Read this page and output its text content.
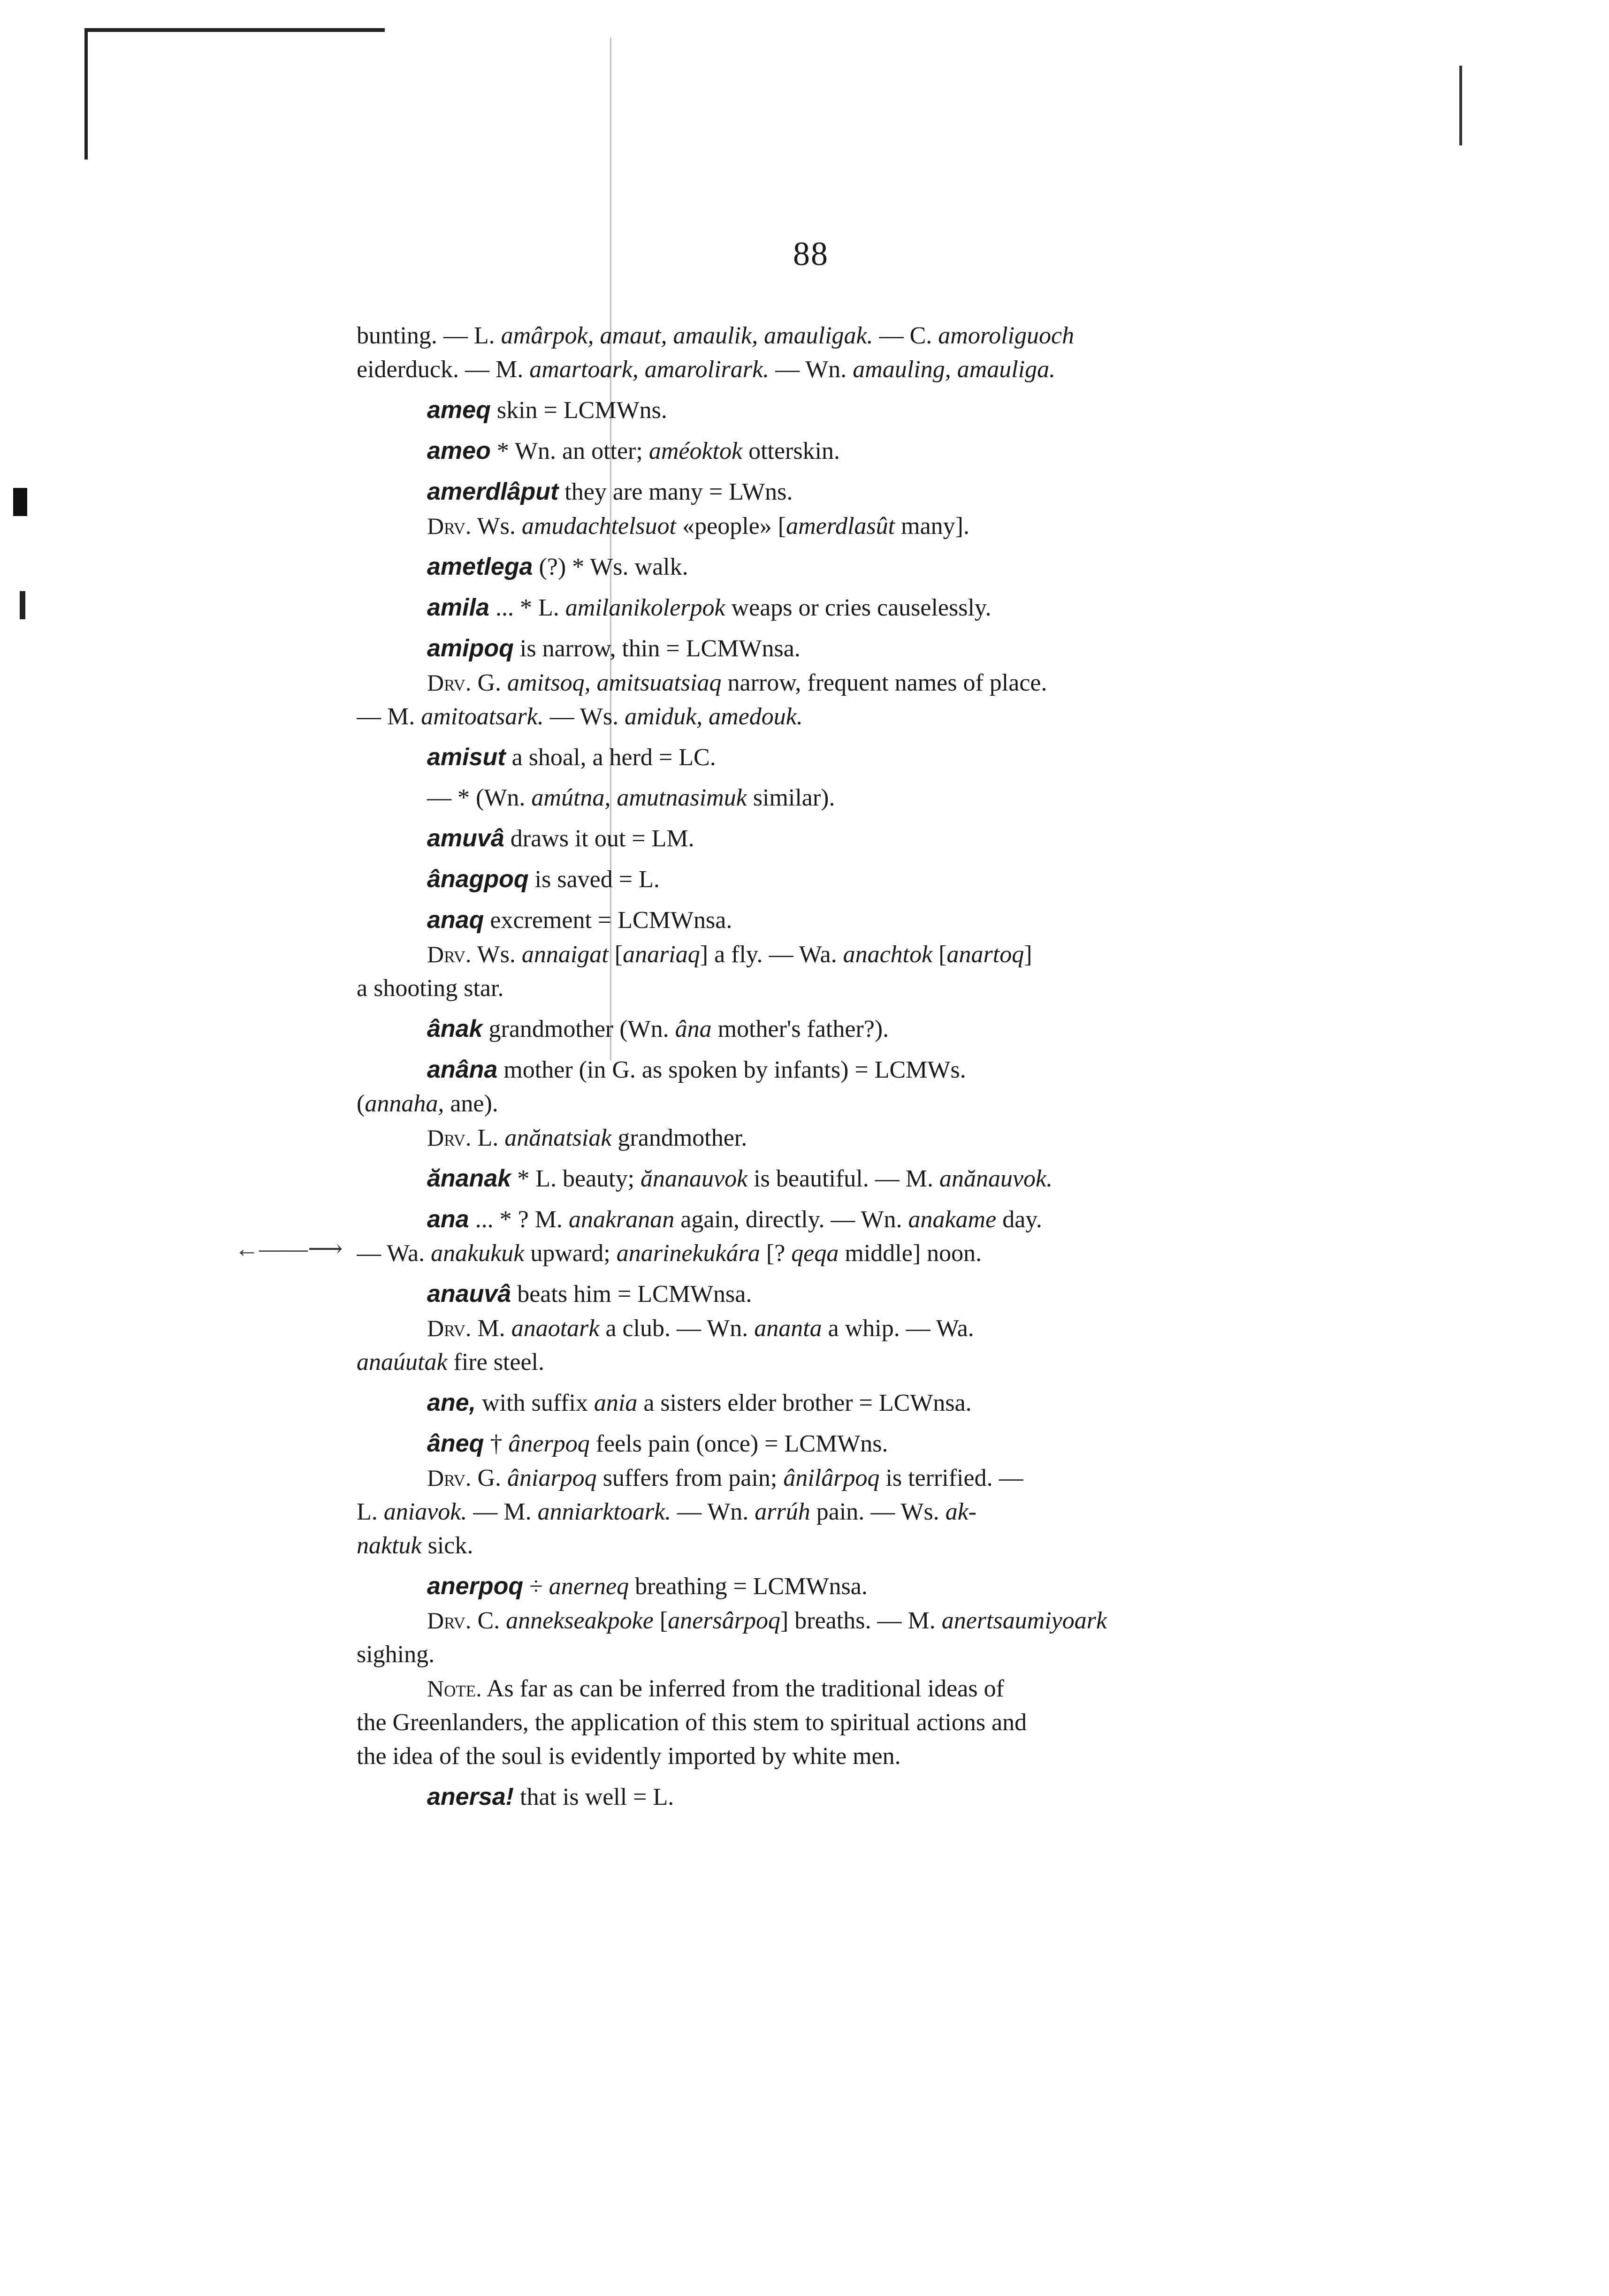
88
bunting. — L. amârpok, amaut, amaulik, amauligak. — C. amoroliguoch
eiderduck. — M. amartoark, amarolirark. — Wn. amauling, amauliga.
ameq skin = LCMWns.
ameo * Wn. an otter; améoktok otterskin.
amerdlâput they are many = LWns.
Drv. Ws. amudachtelsuot «people» [amerdlasût many].
ametlega (?) * Ws. walk.
amila ... * L. amilanikolerpok weaps or cries causelessly.
amipoq is narrow, thin = LCMWnsa.
Drv. G. amitsoq, amitsuatsiaq narrow, frequent names of place.
— M. amitoatsark. — Ws. amiduk, amedouk.
amisut a shoal, a herd = LC.
— * (Wn. amútna, amutnasimuk similar).
amuvâ draws it out = LM.
ânagpoq is saved = L.
anaq excrement = LCMWnsa.
Drv. Ws. annaigat [anariaq] a fly. — Wa. anachtok [anartoq]
a shooting star.
ânak grandmother (Wn. âna mother's father?).
anâna mother (in G. as spoken by infants) = LCMWs.
(annaha, ane).
Drv. L. anănatsiak grandmother.
ănanak * L. beauty; ănanauvok is beautiful. — M. anănauvok.
ana ... * ? M. anakranan again, directly. — Wn. anakame day.
— Wa. anakukuk upward; anarinekukára [? qeqa middle] noon.
anauvâ beats him = LCMWnsa.
Drv. M. anaotark a club. — Wn. ananta a whip. — Wa.
anaúutak fire steel.
ane, with suffix ania a sisters elder brother = LCWnsa.
âneq † ânerpoq feels pain (once) = LCMWns.
Drv. G. âniarpoq suffers from pain; ânilârpoq is terrified. —
L. aniavok. — M. anniarktoark. — Wn. arrúh pain. — Ws. ak-
naktuk sick.
anerpoq ÷ anerneq breathing = LCMWnsa.
Drv. C. anneksеakpoke [anersârpoq] breaths. — M. anertsaumiyoark
sighing.
Note. As far as can be inferred from the traditional ideas of
the Greenlanders, the application of this stem to spiritual actions and
the idea of the soul is evidently imported by white men.
anersa! that is well = L.
←——⟶
